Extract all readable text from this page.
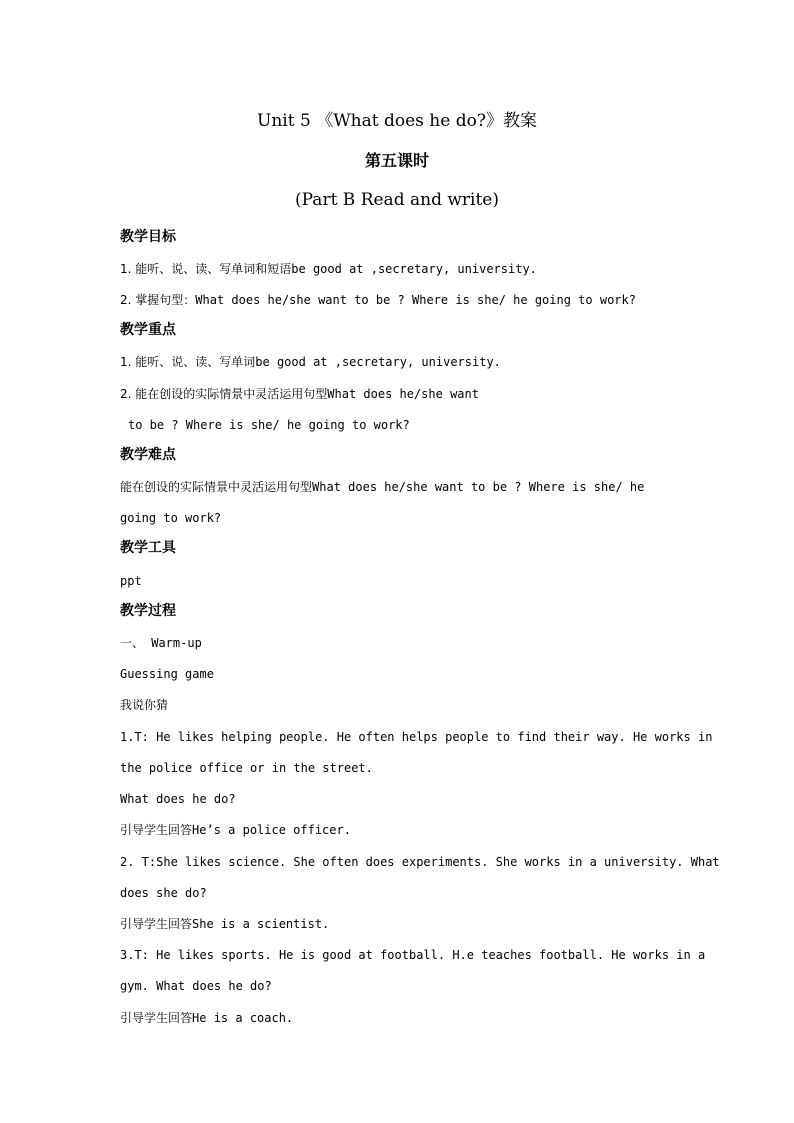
Unit 5 《What does he do?》教案
第五课时
(Part B Read and write)
教学目标
1. 能听、说、读、写单词和短语be good at ,secretary, university.
2. 掌握句型：What does he/she want to be ? Where is she/ he going to work?
教学重点
1. 能听、说、读、写单词be good at ,secretary, university.
2. 能在创设的实际情景中灵活运用句型What does he/she want
to be ? Where is she/ he going to work?
教学难点
能在创设的实际情景中灵活运用句型What does he/she want to be ? Where is she/ he
going to work?
教学工具
ppt
教学过程
一、 Warm-up
Guessing game
我说你猜
1.T: He likes helping people. He often helps people to find their way. He works in
the police office or in the street.
What does he do?
引导学生回答He’s a police officer.
2. T:She likes science. She often does experiments. She works in a university. What
does she do?
引导学生回答She is a scientist.
3.T: He likes sports. He is good at football. H.e teaches football. He works in a
gym. What does he do?
引导学生回答He is a coach.
